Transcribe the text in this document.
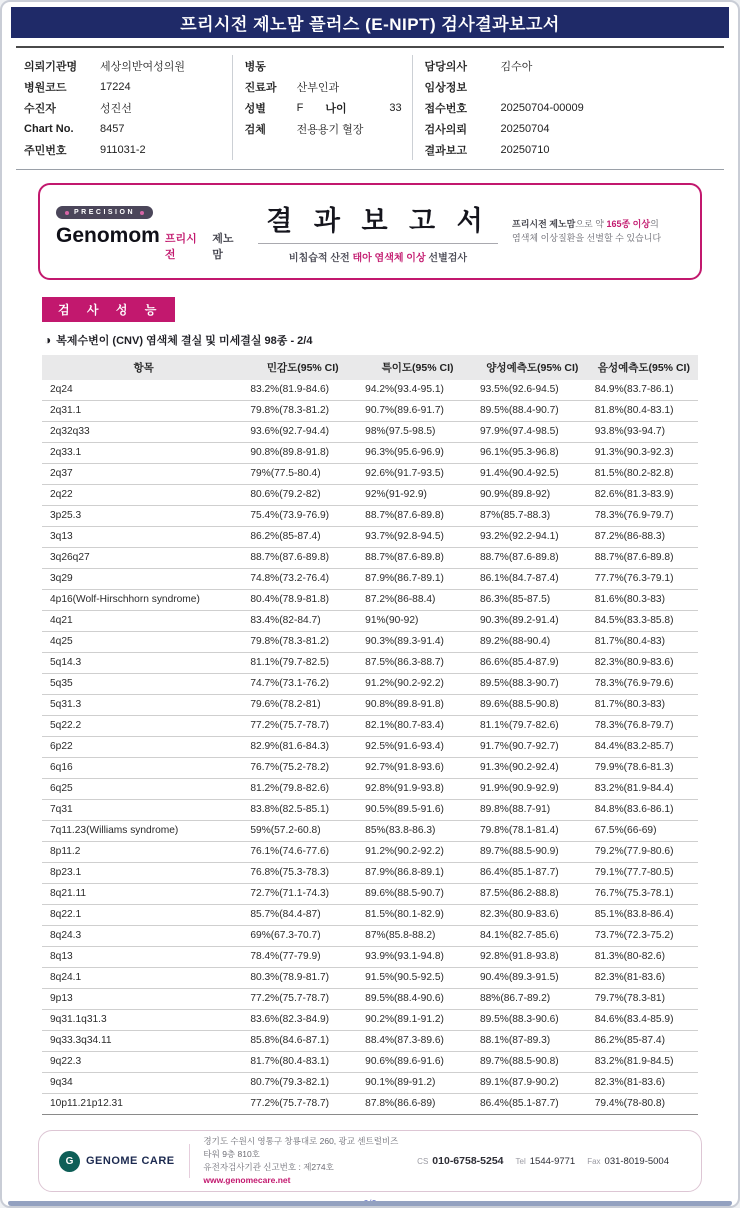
프리시전 제노맘 플러스 (E-NIPT) 검사결과보고서
의뢰기관명	세상의반여성의원	병동	담당의사	김수아
병원코드	17224	진료과	산부인과	임상정보
수진자	성진선	성별	F 나이	33 접수번호	20250704-00009
Chart No.	8457	검체	전용용기 혈장	검사의뢰	20250704
주민번호	911031-2	결과보고	20250710
PRECISION
Genomom 프리시전
제노맘
결 과 보 고 서
비침습적 산전 태아 염색체 이상 선별검사
프리시전 제노맘으로 약 165종 이상의
염색체 이상질환을 선별할 수 있습니다
검 사 성 능
◑ 복제수변이 (CNV) 염색체 결실 및 미세결실 98종 - 2/4
항목	민감도(95% CI)	특이도(95% CI)	양성예측도(95% CI)	음성예측도(95% CI)
2q24	83.2%(81.9-84.6)	94.2%(93.4-95.1)	93.5%(92.6-94.5)	84.9%(83.7-86.1)
2q31.1	79.8%(78.3-81.2)	90.7%(89.6-91.7)	89.5%(88.4-90.7)	81.8%(80.4-83.1)
2q32q33	93.6%(92.7-94.4)	98%(97.5-98.5)	97.9%(97.4-98.5)	93.8%(93-94.7)
2q33.1	90.8%(89.8-91.8)	96.3%(95.6-96.9)	96.1%(95.3-96.8)	91.3%(90.3-92.3)
2q37	79%(77.5-80.4)	92.6%(91.7-93.5)	91.4%(90.4-92.5)	81.5%(80.2-82.8)
2q22	80.6%(79.2-82)	92%(91-92.9)	90.9%(89.8-92)	82.6%(81.3-83.9)
3p25.3	75.4%(73.9-76.9)	88.7%(87.6-89.8)	87%(85.7-88.3)	78.3%(76.9-79.7)
3q13	86.2%(85-87.4)	93.7%(92.8-94.5)	93.2%(92.2-94.1)	87.2%(86-88.3)
3q26q27	88.7%(87.6-89.8)	88.7%(87.6-89.8)	88.7%(87.6-89.8)	88.7%(87.6-89.8)
3q29	74.8%(73.2-76.4)	87.9%(86.7-89.1)	86.1%(84.7-87.4)	77.7%(76.3-79.1)
4p16(Wolf-Hirschhorn syndrome)	80.4%(78.9-81.8)	87.2%(86-88.4)	86.3%(85-87.5)	81.6%(80.3-83)
4q21	83.4%(82-84.7)	91%(90-92)	90.3%(89.2-91.4)	84.5%(83.3-85.8)
4q25	79.8%(78.3-81.2)	90.3%(89.3-91.4)	89.2%(88-90.4)	81.7%(80.4-83)
5q14.3	81.1%(79.7-82.5)	87.5%(86.3-88.7)	86.6%(85.4-87.9)	82.3%(80.9-83.6)
5q35	74.7%(73.1-76.2)	91.2%(90.2-92.2)	89.5%(88.3-90.7)	78.3%(76.9-79.6)
5q31.3	79.6%(78.2-81)	90.8%(89.8-91.8)	89.6%(88.5-90.8)	81.7%(80.3-83)
5q22.2	77.2%(75.7-78.7)	82.1%(80.7-83.4)	81.1%(79.7-82.6)	78.3%(76.8-79.7)
6p22	82.9%(81.6-84.3)	92.5%(91.6-93.4)	91.7%(90.7-92.7)	84.4%(83.2-85.7)
6q16	76.7%(75.2-78.2)	92.7%(91.8-93.6)	91.3%(90.2-92.4)	79.9%(78.6-81.3)
6q25	81.2%(79.8-82.6)	92.8%(91.9-93.8)	91.9%(90.9-92.9)	83.2%(81.9-84.4)
7q31	83.8%(82.5-85.1)	90.5%(89.5-91.6)	89.8%(88.7-91)	84.8%(83.6-86.1)
7q11.23(Williams syndrome)	59%(57.2-60.8)	85%(83.8-86.3)	79.8%(78.1-81.4)	67.5%(66-69)
8p11.2	76.1%(74.6-77.6)	91.2%(90.2-92.2)	89.7%(88.5-90.9)	79.2%(77.9-80.6)
8p23.1	76.8%(75.3-78.3)	87.9%(86.8-89.1)	86.4%(85.1-87.7)	79.1%(77.7-80.5)
8q21.11	72.7%(71.1-74.3)	89.6%(88.5-90.7)	87.5%(86.2-88.8)	76.7%(75.3-78.1)
8q22.1	85.7%(84.4-87)	81.5%(80.1-82.9)	82.3%(80.9-83.6)	85.1%(83.8-86.4)
8q24.3	69%(67.3-70.7)	87%(85.8-88.2)	84.1%(82.7-85.6)	73.7%(72.3-75.2)
8q13	78.4%(77-79.9)	93.9%(93.1-94.8)	92.8%(91.8-93.8)	81.3%(80-82.6)
8q24.1	80.3%(78.9-81.7)	91.5%(90.5-92.5)	90.4%(89.3-91.5)	82.3%(81-83.6)
9p13	77.2%(75.7-78.7)	89.5%(88.4-90.6)	88%(86.7-89.2)	79.7%(78.3-81)
9q31.1q31.3	83.6%(82.3-84.9)	90.2%(89.1-91.2)	89.5%(88.3-90.6)	84.6%(83.4-85.9)
9q33.3q34.11	85.8%(84.6-87.1)	88.4%(87.3-89.6)	88.1%(87-89.3)	86.2%(85-87.4)
9q22.3	81.7%(80.4-83.1)	90.6%(89.6-91.6)	89.7%(88.5-90.8)	83.2%(81.9-84.5)
9q34	80.7%(79.3-82.1)	90.1%(89-91.2)	89.1%(87.9-90.2)	82.3%(81-83.6)
10p11.21p12.31	77.2%(75.7-78.7)	87.8%(86.6-89)	86.4%(85.1-87.7)	79.4%(78-80.8)
G	GENOME CARE
경기도 수원시 영통구 창룡대로 260, 광교 센트럴비즈타워 9층 810호
유전자검사기관 신고번호 : 제274호
www.genomecare.net
CS 010-6758-5254 Tel 1544-9771 Fax 031-8019-5004
